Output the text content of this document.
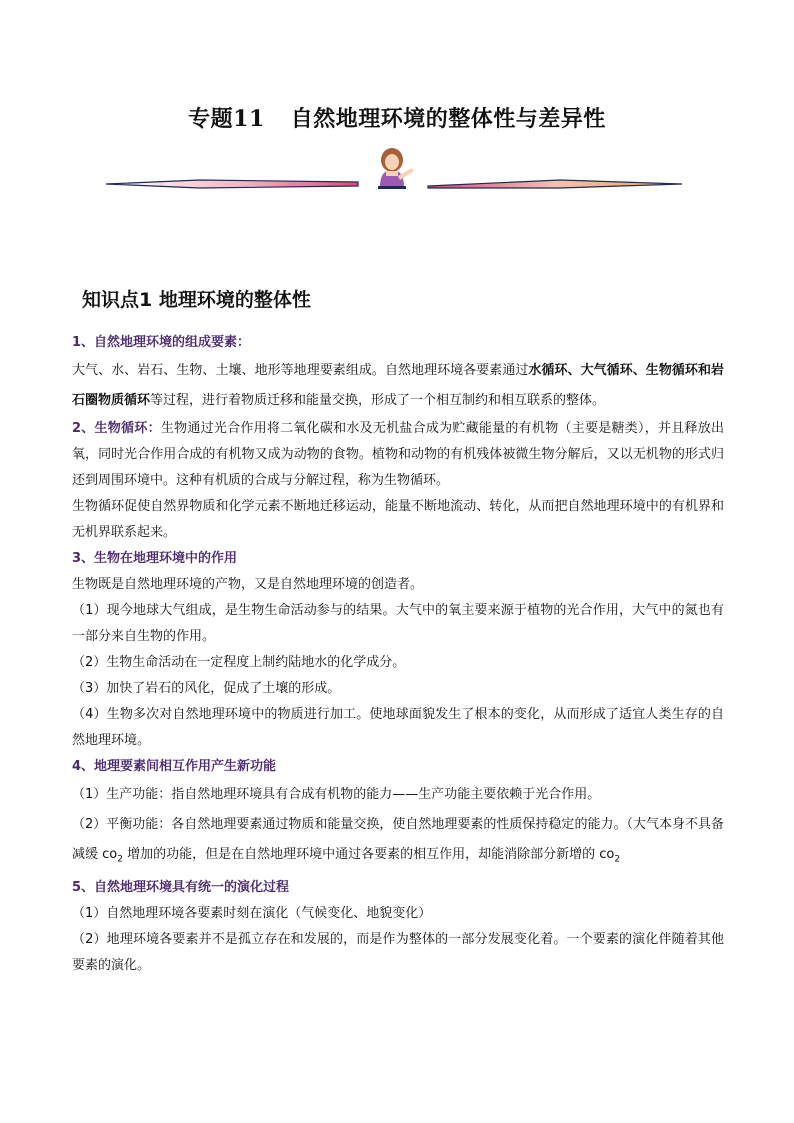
专题11 自然地理环境的整体性与差异性
知识点1 地理环境的整体性

1、自然地理环境的组成要素：

大气、水、岩石、生物、土壤、地形等地理要素组成。自然地理环境各要素通过水循环、大气循环、生物循环和岩石圈物质循环等过程，进行着物质迁移和能量交换，形成了一个相互制约和相互联系的整体。

2、生物循环：生物通过光合作用将二氧化碳和水及无机盐合成为贮藏能量的有机物（主要是糖类），并且释放出氧，同时光合作用合成的有机物又成为动物的食物。植物和动物的有机残体被微生物分解后，又以无机物的形式归还到周围环境中。这种有机质的合成与分解过程，称为生物循环。

生物循环促使自然界物质和化学元素不断地迁移运动，能量不断地流动、转化，从而把自然地理环境中的有机界和无机界联系起来。

3、生物在地理环境中的作用

生物既是自然地理环境的产物，又是自然地理环境的创造者。

（1）现今地球大气组成，是生物生命活动参与的结果。大气中的氧主要来源于植物的光合作用，大气中的氮也有一部分来自生物的作用。

（2）生物生命活动在一定程度上制约陆地水的化学成分。

（3）加快了岩石的风化，促成了土壤的形成。

（4）生物多次对自然地理环境中的物质进行加工。使地球面貌发生了根本的变化，从而形成了适宜人类生存的自然地理环境。

4、地理要素间相互作用产生新功能

（1）生产功能：指自然地理环境具有合成有机物的能力——生产功能主要依赖于光合作用。

（2）平衡功能：各自然地理要素通过物质和能量交换，使自然地理要素的性质保持稳定的能力。（大气本身不具备减缓 $co_2$ 增加的功能，但是在自然地理环境中通过各要素的相互作用，却能消除部分新增的 $co_2$

5、自然地理环境具有统一的演化过程

（1）自然地理环境各要素时刻在演化（气候变化、地貌变化）

（2）地理环境各要素并不是孤立存在和发展的，而是作为整体的一部分发展变化着。一个要素的演化伴随着其他要素的演化。
